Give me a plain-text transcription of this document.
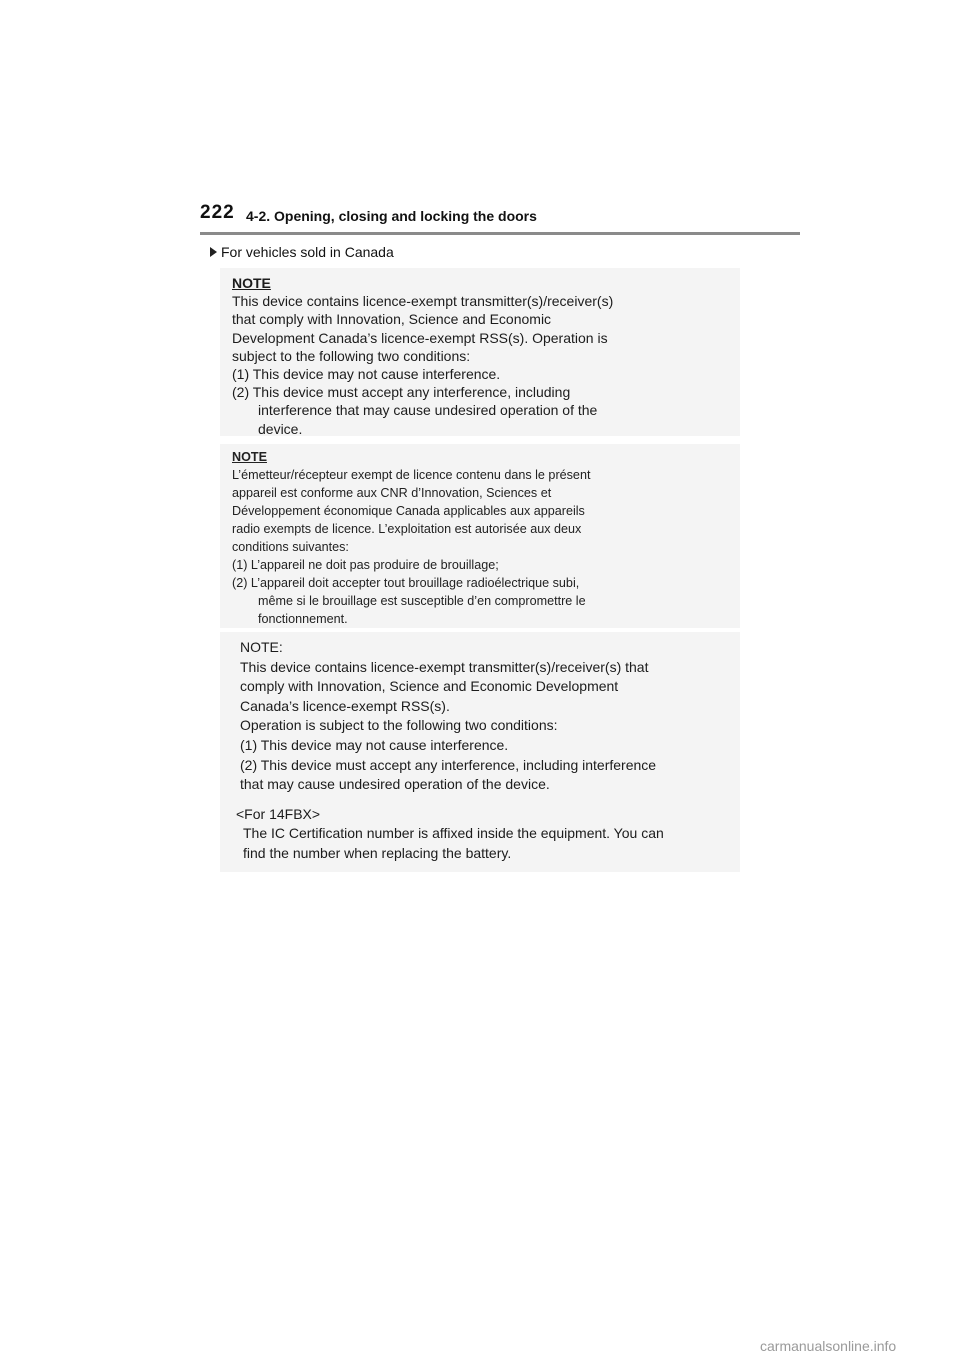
222 4-2. Opening, closing and locking the doors
For vehicles sold in Canada
NOTE
This device contains licence-exempt transmitter(s)/receiver(s)
that comply with Innovation, Science and Economic
Development Canada’s licence-exempt RSS(s). Operation is
subject to the following two conditions:
(1) This device may not cause interference.
(2) This device must accept any interference, including
interference that may cause undesired operation of the
device.
NOTE
L’émetteur/récepteur exempt de licence contenu dans le présent
appareil est conforme aux CNR d’Innovation, Sciences et
Développement économique Canada applicables aux appareils
radio exempts de licence. L’exploitation est autorisée aux deux
conditions suivantes:
(1) L’appareil ne doit pas produire de brouillage;
(2) L’appareil doit accepter tout brouillage radioélectrique subi,
même si le brouillage est susceptible d’en compromettre le
fonctionnement.
NOTE:
This device contains licence-exempt transmitter(s)/receiver(s) that
comply with Innovation, Science and Economic Development
Canada’s licence-exempt RSS(s).
Operation is subject to the following two conditions:
(1) This device may not cause interference.
(2) This device must accept any interference, including interference
that may cause undesired operation of the device.
<For 14FBX>
The IC Certification number is affixed inside the equipment. You can
find the number when replacing the battery.
carmanualsonline.info
